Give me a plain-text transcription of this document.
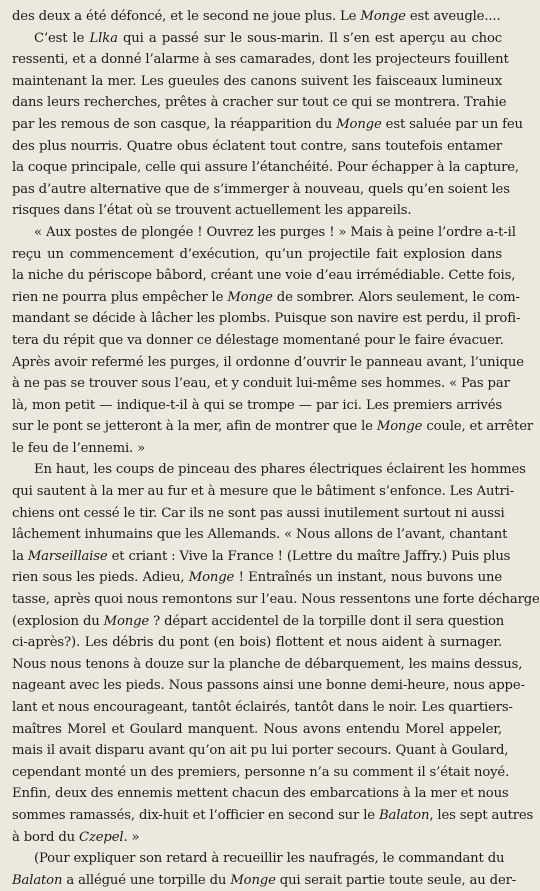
des deux a été défoncé, et le second ne joue plus. Le Monge est aveugle....

C’est le Llka qui a passé sur le sous-marin. Il s’en est aperçu au choc
ressenti, et a donné l’alarme à ses camarades, dont les projecteurs fouillent
maintenant la mer. Les gueules des canons suivent les faisceaux lumineux
dans leurs recherches, prêtes à cracher sur tout ce qui se montrera. Trahie
par les remous de son casque, la réapparition du Monge est saluée par un feu
des plus nourris. Quatre obus éclatent tout contre, sans toutefois entamer
la coque principale, celle qui assure l’étanchéité. Pour échapper à la capture,
pas d’autre alternative que de s’immerger à nouveau, quels qu’en soient les
risques dans l’état où se trouvent actuellement les appareils.

« Aux postes de plongée ! Ouvrez les purges ! » Mais à peine l’ordre a-t-il
reçu un commencement d’exécution, qu’un projectile fait explosion dans
la niche du périscope bâbord, créant une voie d’eau irrémédiable. Cette fois,
rien ne pourra plus empêcher le Monge de sombrer. Alors seulement, le com-
mandant se décide à lâcher les plombs. Puisque son navire est perdu, il profi-
tera du répit que va donner ce délestage momentané pour le faire évacuer.
Après avoir refermé les purges, il ordonne d’ouvrir le panneau avant, l’unique
à ne pas se trouver sous l’eau, et y conduit lui-même ses hommes. « Pas par
là, mon petit — indique-t-il à qui se trompe — par ici. Les premiers arrivés
sur le pont se jetteront à la mer, afin de montrer que le Monge coule, et arrêter
le feu de l’ennemi. »

En haut, les coups de pinceau des phares électriques éclairent les hommes
qui sautent à la mer au fur et à mesure que le bâtiment s’enfonce. Les Autri-
chiens ont cessé le tir. Car ils ne sont pas aussi inutilement surtout ni aussi
lâchement inhumains que les Allemands. « Nous allons de l’avant, chantant
la Marseillaise et criant : Vive la France ! (Lettre du maître Jaffry.) Puis plus
rien sous les pieds. Adieu, Monge ! Entraînés un instant, nous buvons une
tasse, après quoi nous remontons sur l’eau. Nous ressentons une forte décharge
(explosion du Monge ? départ accidentel de la torpille dont il sera question
ci-après?). Les débris du pont (en bois) flottent et nous aident à surnager.
Nous nous tenons à douze sur la planche de débarquement, les mains dessus,
nageant avec les pieds. Nous passons ainsi une bonne demi-heure, nous appe-
lant et nous encourageant, tantôt éclairés, tantôt dans le noir. Les quartiers-
maîtres Morel et Goulard manquent. Nous avons entendu Morel appeler,
mais il avait disparu avant qu’on ait pu lui porter secours. Quant à Goulard,
cependant monté un des premiers, personne n’a su comment il s’était noyé.
Enfin, deux des ennemis mettent chacun des embarcations à la mer et nous
sommes ramassés, dix-huit et l’officier en second sur le Balaton, les sept autres
à bord du Czepel. »

(Pour expliquer son retard à recueillir les naufragés, le commandant du
Balaton a allégué une torpille du Monge qui serait partie toute seule, au der-
